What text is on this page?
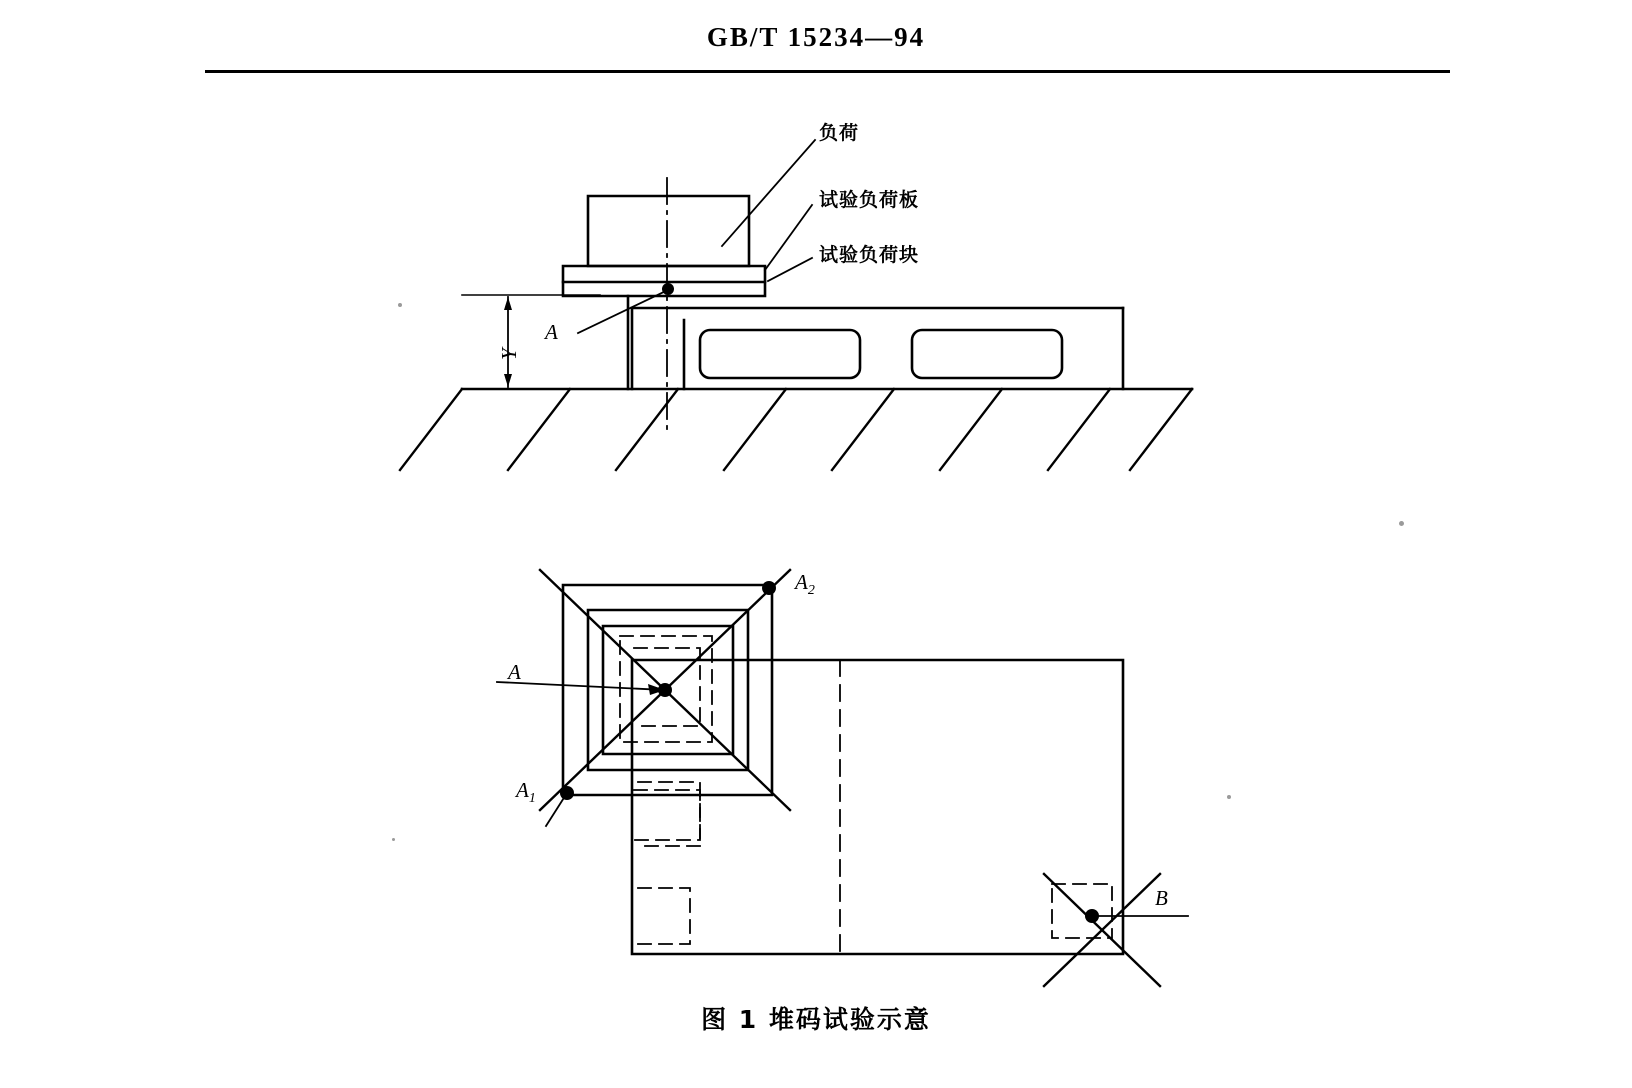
GB/T 15234—94
负荷
试验负荷板
试验负荷块
Y
A
A
$A_1$
$A_2$
B
图 1 堆码试验示意
